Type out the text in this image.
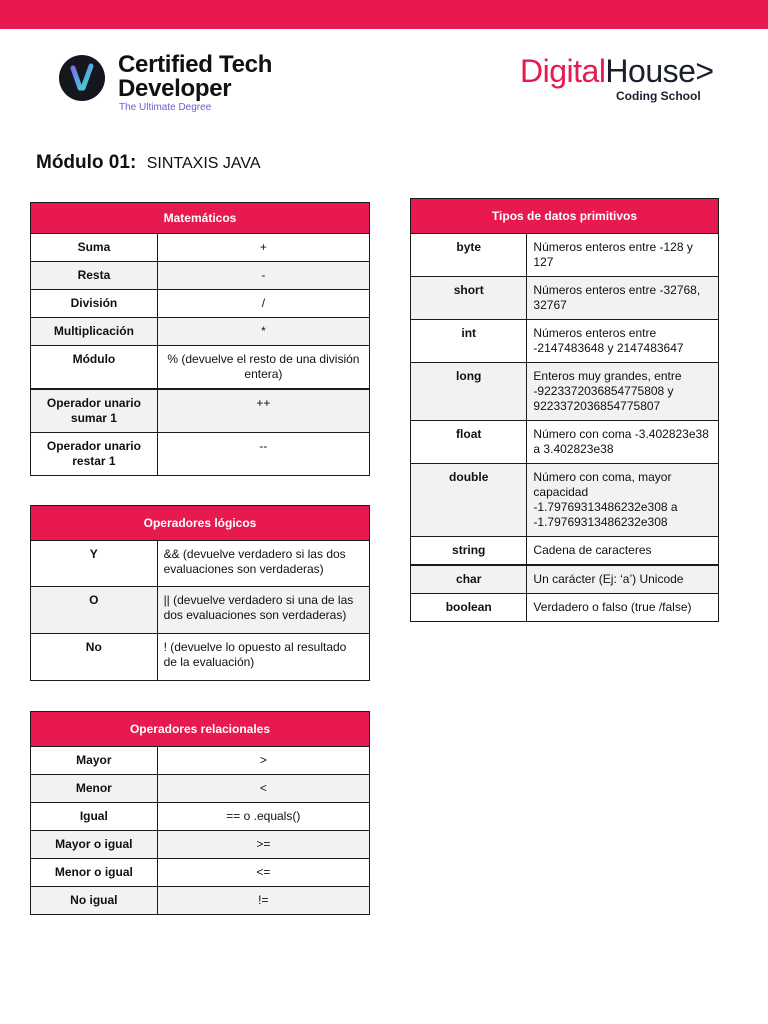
Certified Tech
Developer
The Ultimate Degree
DigitalHouse>
Coding School
Módulo 01: SINTAXIS JAVA
Matemáticos	
Suma	+
Resta	-
División	/
Multiplicación	*
Módulo	% (devuelve el resto de una división entera)
Operador unario sumar 1	++
Operador unario restar 1	--
Operadores lógicos	
Y	&& (devuelve verdadero si las dos evaluaciones son verdaderas)
O	|| (devuelve verdadero si una de las dos evaluaciones son verdaderas)
No	! (devuelve lo opuesto al resultado de la evaluación)
Operadores relacionales	
Mayor	>
Menor	<
Igual	== o .equals()
Mayor o igual	>=
Menor o igual	<=
No igual	!=
Tipos de datos primitivos	
byte	Números enteros entre -128 y 127
short	Números enteros entre -32768, 32767
int	Números enteros entre -2147483648 y 2147483647
long	Enteros muy grandes, entre -9223372036854775808 y 9223372036854775807
float	Número con coma -3.402823e38 a 3.402823e38
double	Número con coma, mayor capacidad -1.79769313486232e308 a -1.79769313486232e308
string	Cadena de caracteres
char	Un carácter (Ej: ‘a’) Unicode
boolean	Verdadero o falso (true /false)
